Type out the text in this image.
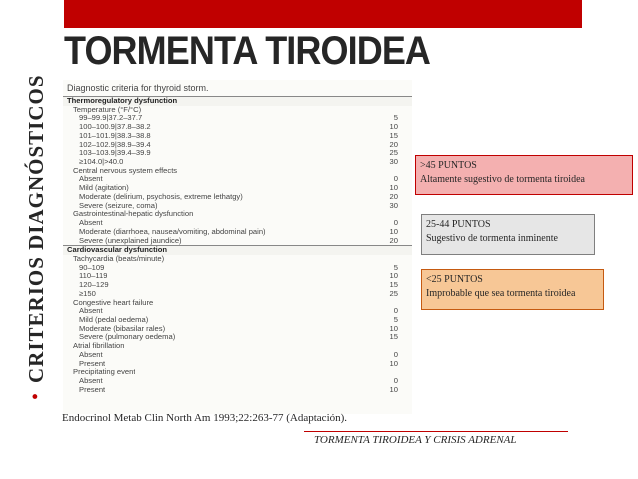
TORMENTA TIROIDEA
•
CRITERIOS DIAGNÓSTICOS	Diagnostic criteria for thyroid storm.
Thermoregulatory dysfunction
Temperature (°F/°C)
99–99.9|37.2–37.7	5
100–100.9|37.8–38.2	10
101–101.9|38.3–38.8	15
102–102.9|38.9–39.4	20
103–103.9|39.4–39.9	25
≥104.0|>40.0	30
Central nervous system effects
Absent	0
Mild (agitation)	10
Moderate (delirium, psychosis, extreme lethatgy)	20
Severe (seizure, coma)	30
Gastrointestinal-hepatic dysfunction
Absent	0
Moderate (diarrhoea, nausea/vomiting, abdominal pain)	10
Severe (unexplained jaundice)	20
Cardiovascular dysfunction
Tachycardia (beats/minute)
90–109	5
110–119	10
120–129	15
≥150	25
Congestive heart failure
Absent	0
Mild (pedal oedema)	5
Moderate (bibasilar rales)	10
Severe (pulmonary oedema)	15
Atrial fibrillation
Absent	0
Present	10
Precipitating event
Absent	0
Present	10
>45 PUNTOS
Altamente sugestivo de tormenta tiroidea
25-44 PUNTOS
Sugestivo de tormenta inminente
<25 PUNTOS
Improbable que sea tormenta tiroidea
Endocrinol Metab Clin North Am 1993;22:263-77 (Adaptación).
TORMENTA TIROIDEA Y CRISIS ADRENAL
